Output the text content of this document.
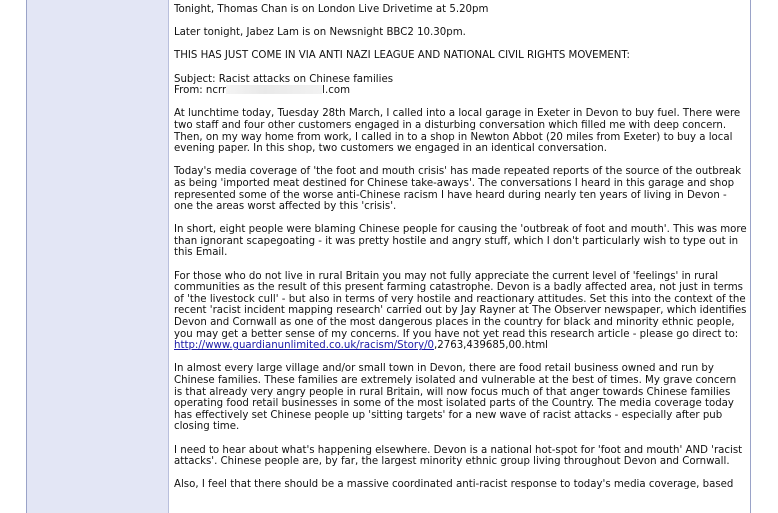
Tonight, Thomas Chan is on London Live Drivetime at 5.20pm

Later tonight, Jabez Lam is on Newsnight BBC2 10.30pm.

THIS HAS JUST COME IN VIA ANTI NAZI LEAGUE AND NATIONAL CIVIL RIGHTS MOVEMENT:

Subject: Racist attacks on Chinese families
From: ncrr	l.com

At lunchtime today, Tuesday 28th March, I called into a local garage in Exeter in Devon to buy fuel. There were
two staff and four other customers engaged in a disturbing conversation which filled me with deep concern.
Then, on my way home from work, I called in to a shop in Newton Abbot (20 miles from Exeter) to buy a local
evening paper. In this shop, two customers we engaged in an identical conversation.

Today's media coverage of 'the foot and mouth crisis' has made repeated reports of the source of the outbreak
as being 'imported meat destined for Chinese take-aways'. The conversations I heard in this garage and shop
represented some of the worse anti-Chinese racism I have heard during nearly ten years of living in Devon -
one the areas worst affected by this 'crisis'.

In short, eight people were blaming Chinese people for causing the 'outbreak of foot and mouth'. This was more
than ignorant scapegoating - it was pretty hostile and angry stuff, which I don't particularly wish to type out in
this Email.

For those who do not live in rural Britain you may not fully appreciate the current level of 'feelings' in rural
communities as the result of this present farming catastrophe. Devon is a badly affected area, not just in terms
of 'the livestock cull' - but also in terms of very hostile and reactionary attitudes. Set this into the context of the
recent 'racist incident mapping research' carried out by Jay Rayner at The Observer newspaper, which identifies
Devon and Cornwall as one of the most dangerous places in the country for black and minority ethnic people,
you may get a better sense of my concerns. If you have not yet read this research article - please go direct to:
http://www.guardianunlimited.co.uk/racism/Story/0,2763,439685,00.html

In almost every large village and/or small town in Devon, there are food retail business owned and run by
Chinese families. These families are extremely isolated and vulnerable at the best of times. My grave concern
is that already very angry people in rural Britain, will now focus much of that anger towards Chinese families
operating food retail businesses in some of the most isolated parts of the Country. The media coverage today
has effectively set Chinese people up 'sitting targets' for a new wave of racist attacks - especially after pub
closing time.

I need to hear about what's happening elsewhere. Devon is a national hot-spot for 'foot and mouth' AND 'racist
attacks'. Chinese people are, by far, the largest minority ethnic group living throughout Devon and Cornwall.

Also, I feel that there should be a massive coordinated anti-racist response to today's media coverage, based
